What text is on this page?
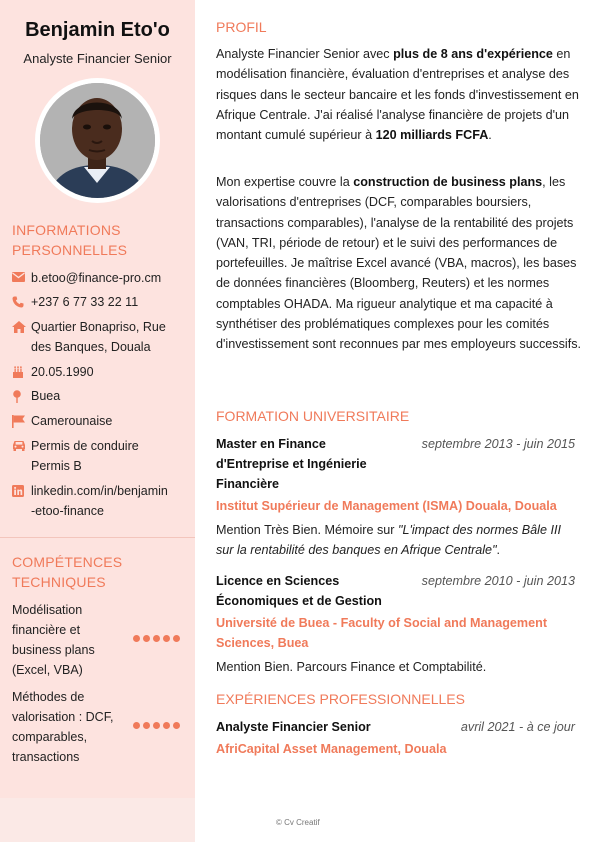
Benjamin Eto'o
Analyste Financier Senior
INFORMATIONS
PERSONNELLES
b.etoo@finance-pro.cm
+237 6 77 33 22 11
Quartier Bonapriso, Rue
des Banques, Douala
20.05.1990
Buea
Camerounaise
Permis de conduire
Permis B
linkedin.com/in/benjamin
-etoo-finance
COMPÉTENCES
TECHNIQUES
Modélisation
financière et
business plans
(Excel, VBA)
Méthodes de
valorisation : DCF,
comparables,
transactions
PROFIL
Analyste Financier Senior avec plus de 8 ans d'expérience en modélisation financière, évaluation d'entreprises et analyse des risques dans le secteur bancaire et les fonds d'investissement en Afrique Centrale. J'ai réalisé l'analyse financière de projets d'un montant cumulé supérieur à 120 milliards FCFA.
Mon expertise couvre la construction de business plans, les valorisations d'entreprises (DCF, comparables boursiers, transactions comparables), l'analyse de la rentabilité des projets (VAN, TRI, période de retour) et le suivi des performances de portefeuilles. Je maîtrise Excel avancé (VBA, macros), les bases de données financières (Bloomberg, Reuters) et les normes comptables OHADA. Ma rigueur analytique et ma capacité à synthétiser des problématiques complexes pour les comités d'investissement sont reconnues par mes employeurs successifs.
FORMATION UNIVERSITAIRE
Master en Finance
d'Entreprise et Ingénierie
Financière
septembre 2013 - juin 2015
Institut Supérieur de Management (ISMA) Douala, Douala
Mention Très Bien. Mémoire sur "L'impact des normes Bâle III sur la rentabilité des banques en Afrique Centrale".
Licence en Sciences
Économiques et de Gestion
septembre 2010 - juin 2013
Université de Buea - Faculty of Social and Management
Sciences, Buea
Mention Bien. Parcours Finance et Comptabilité.
EXPÉRIENCES PROFESSIONNELLES
Analyste Financier Senior	avril 2021 - à ce jour
AfriCapital Asset Management, Douala
© Cv Creatif
